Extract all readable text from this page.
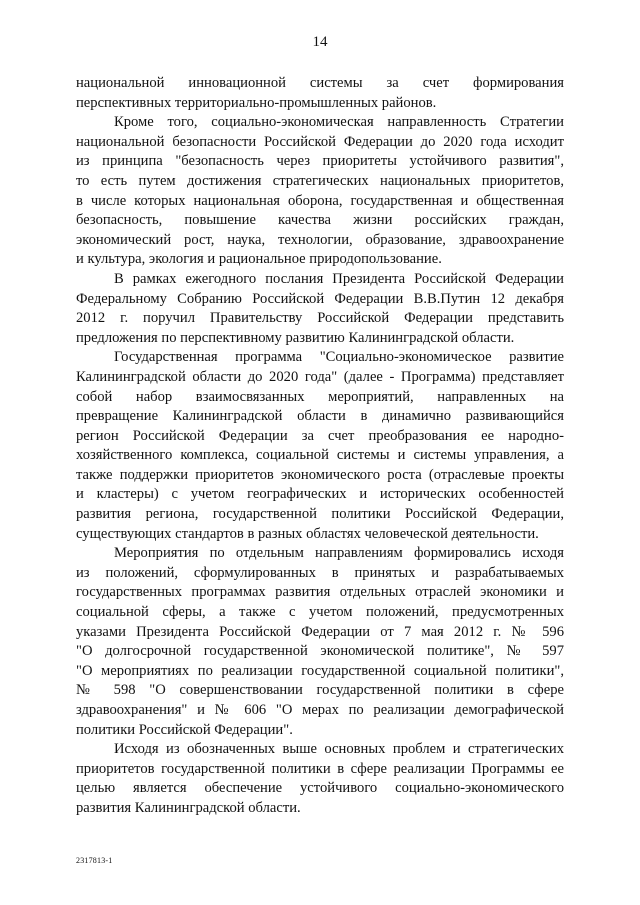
14

национальной инновационной системы за счет формирования
перспективных территориально-промышленных районов.

Кроме того, социально-экономическая направленность Стратегии
национальной безопасности Российской Федерации до 2020 года исходит
из принципа "безопасность через приоритеты устойчивого развития",
то есть путем достижения стратегических национальных приоритетов,
в числе которых национальная оборона, государственная и общественная
безопасность, повышение качества жизни российских граждан,
экономический рост, наука, технологии, образование, здравоохранение
и культура, экология и рациональное природопользование.

В рамках ежегодного послания Президента Российской Федерации
Федеральному Собранию Российской Федерации В.В.Путин 12 декабря
2012 г. поручил Правительству Российской Федерации представить
предложения по перспективному развитию Калининградской области.

Государственная программа "Социально-экономическое развитие
Калининградской области до 2020 года" (далее - Программа) представляет
собой набор взаимосвязанных мероприятий, направленных на
превращение Калининградской области в динамично развивающийся
регион Российской Федерации за счет преобразования ее народно-
хозяйственного комплекса, социальной системы и системы управления, а
также поддержки приоритетов экономического роста (отраслевые проекты
и кластеры) с учетом географических и исторических особенностей
развития региона, государственной политики Российской Федерации,
существующих стандартов в разных областях человеческой деятельности.

Мероприятия по отдельным направлениям формировались исходя
из положений, сформулированных в принятых и разрабатываемых
государственных программах развития отдельных отраслей экономики и
социальной сферы, а также с учетом положений, предусмотренных
указами Президента Российской Федерации от 7 мая 2012 г. № 596
"О долгосрочной государственной экономической политике", № 597
"О мероприятиях по реализации государственной социальной политики",
№ 598 "О совершенствовании государственной политики в сфере
здравоохранения" и № 606 "О мерах по реализации демографической
политики Российской Федерации".

Исходя из обозначенных выше основных проблем и стратегических
приоритетов государственной политики в сфере реализации Программы ее
целью является обеспечение устойчивого социально-экономического
развития Калининградской области.

2317813-1
